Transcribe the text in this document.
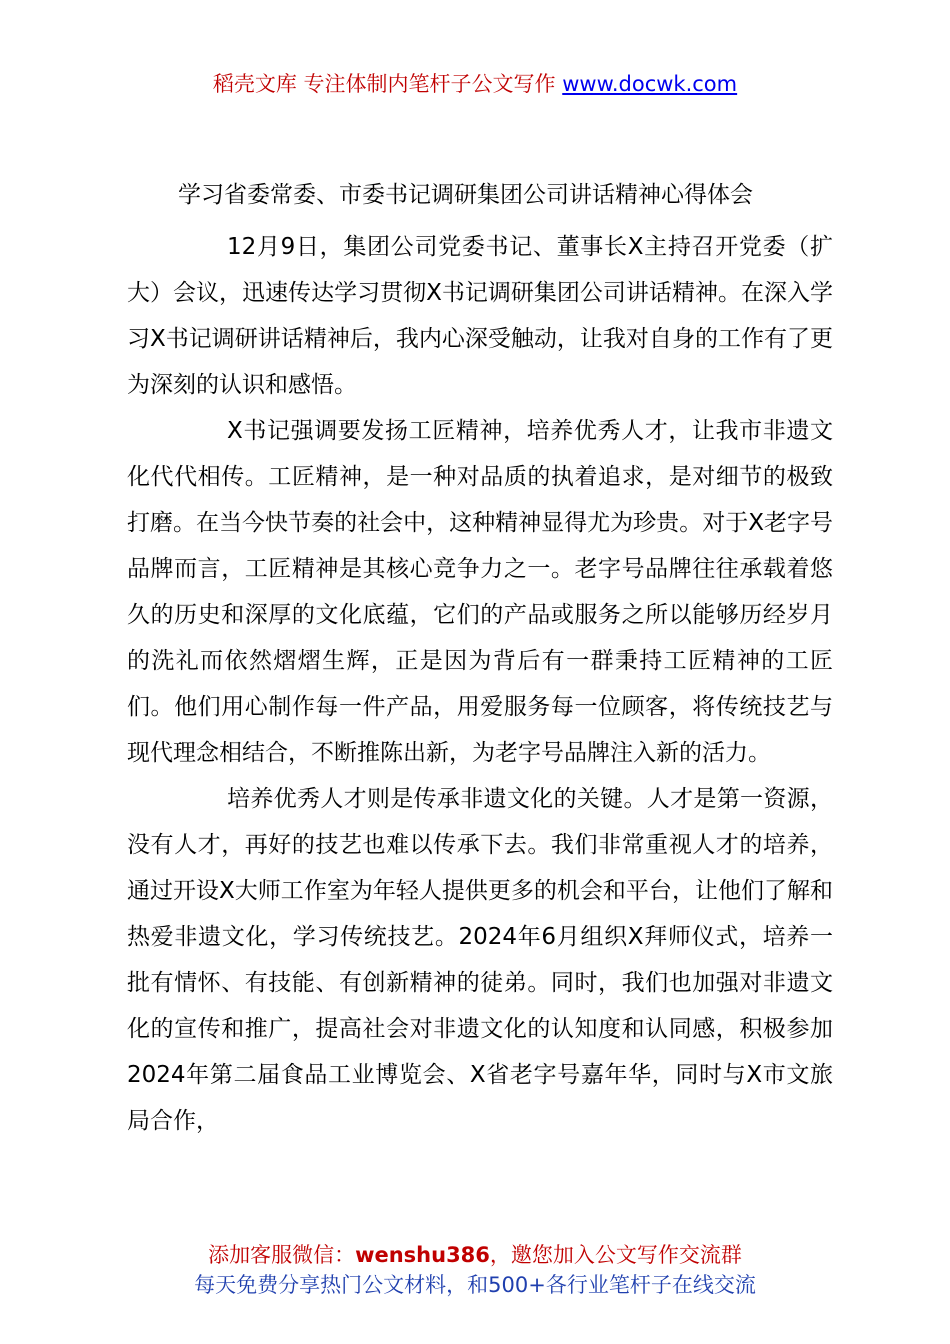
稻壳文库 专注体制内笔杆子公文写作 www.docwk.com
学习省委常委、市委书记调研集团公司讲话精神心得体会

12月9日，集团公司党委书记、董事长X主持召开党委（扩大）会议，迅速传达学习贯彻X书记调研集团公司讲话精神。在深入学习X书记调研讲话精神后，我内心深受触动，让我对自身的工作有了更为深刻的认识和感悟。

X书记强调要发扬工匠精神，培养优秀人才，让我市非遗文化代代相传。工匠精神，是一种对品质的执着追求，是对细节的极致打磨。在当今快节奏的社会中，这种精神显得尤为珍贵。对于X老字号品牌而言，工匠精神是其核心竞争力之一。老字号品牌往往承载着悠久的历史和深厚的文化底蕴，它们的产品或服务之所以能够历经岁月的洗礼而依然熠熠生辉，正是因为背后有一群秉持工匠精神的工匠们。他们用心制作每一件产品，用爱服务每一位顾客，将传统技艺与现代理念相结合，不断推陈出新，为老字号品牌注入新的活力。

培养优秀人才则是传承非遗文化的关键。人才是第一资源，没有人才，再好的技艺也难以传承下去。我们非常重视人才的培养，通过开设X大师工作室为年轻人提供更多的机会和平台，让他们了解和热爱非遗文化，学习传统技艺。2024年6月组织X拜师仪式，培养一批有情怀、有技能、有创新精神的徒弟。同时，我们也加强对非遗文化的宣传和推广，提高社会对非遗文化的认知度和认同感，积极参加2024年第二届食品工业博览会、X省老字号嘉年华，同时与X市文旅局合作，

添加客服微信：wenshu386，邀您加入公文写作交流群
每天免费分享热门公文材料，和500+各行业笔杆子在线交流
